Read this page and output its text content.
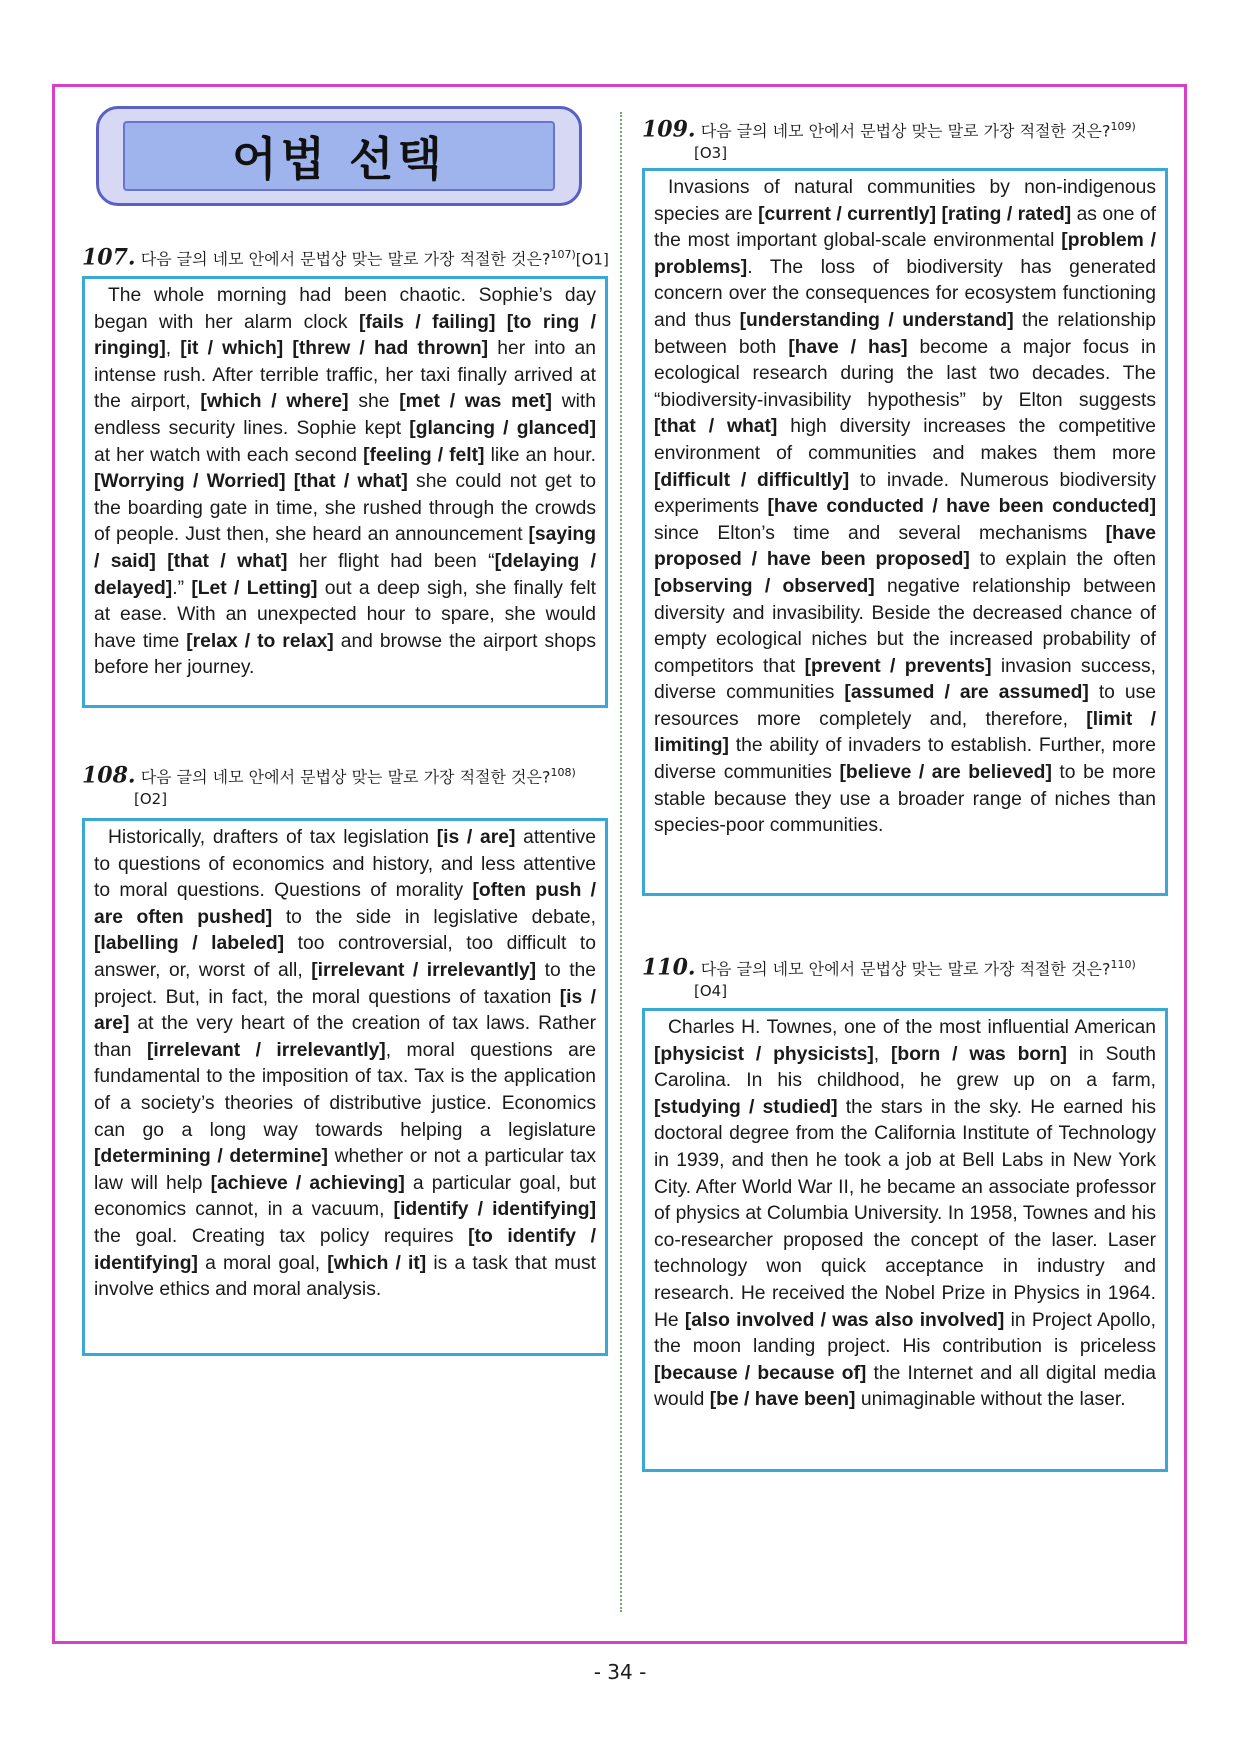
어법 선택
107. 다음 글의 네모 안에서 문법상 맞는 말로 가장 적절한 것은?$^{107)}$[O1]

The whole morning had been chaotic. Sophie’s day began with her alarm clock [fails / failing] [to ring / ringing], [it / which] [threw / had thrown] her into an intense rush. After terrible traffic, her taxi finally arrived at the airport, [which / where] she [met / was met] with endless security lines. Sophie kept [glancing / glanced] at her watch with each second [feeling / felt] like an hour. [Worrying / Worried] [that / what] she could not get to the boarding gate in time, she rushed through the crowds of people. Just then, she heard an announcement [saying / said] [that / what] her flight had been “[delaying / delayed].” [Let / Letting] out a deep sigh, she finally felt at ease. With an unexpected hour to spare, she would have time [relax / to relax] and browse the airport shops before her journey.

108. 다음 글의 네모 안에서 문법상 맞는 말로 가장 적절한 것은?$^{108)}$
[O2]

Historically, drafters of tax legislation [is / are] attentive to questions of economics and history, and less attentive to moral questions. Questions of morality [often push / are often pushed] to the side in legislative debate, [labelling / labeled] too controversial, too difficult to answer, or, worst of all, [irrelevant / irrelevantly] to the project. But, in fact, the moral questions of taxation [is / are] at the very heart of the creation of tax laws. Rather than [irrelevant / irrelevantly], moral questions are fundamental to the imposition of tax. Tax is the application of a society’s theories of distributive justice. Economics can go a long way towards helping a legislature [determining / determine] whether or not a particular tax law will help [achieve / achieving] a particular goal, but economics cannot, in a vacuum, [identify / identifying] the goal. Creating tax policy requires [to identify / identifying] a moral goal, [which / it] is a task that must involve ethics and moral analysis.

109. 다음 글의 네모 안에서 문법상 맞는 말로 가장 적절한 것은?$^{109)}$
[O3]

Invasions of natural communities by non-indigenous species are [current / currently] [rating / rated] as one of the most important global-scale environmental [problem / problems]. The loss of biodiversity has generated concern over the consequences for ecosystem functioning and thus [understanding / understand] the relationship between both [have / has] become a major focus in ecological research during the last two decades. The “biodiversity-invasibility hypothesis” by Elton suggests [that / what] high diversity increases the competitive environment of communities and makes them more [difficult / difficultly] to invade. Numerous biodiversity experiments [have conducted / have been conducted] since Elton’s time and several mechanisms [have proposed / have been proposed] to explain the often [observing / observed] negative relationship between diversity and invasibility. Beside the decreased chance of empty ecological niches but the increased probability of competitors that [prevent / prevents] invasion success, diverse communities [assumed / are assumed] to use resources more completely and, therefore, [limit / limiting] the ability of invaders to establish. Further, more diverse communities [believe / are believed] to be more stable because they use a broader range of niches than species-poor communities.

110. 다음 글의 네모 안에서 문법상 맞는 말로 가장 적절한 것은?$^{110)}$
[O4]

Charles H. Townes, one of the most influential American [physicist / physicists], [born / was born] in South Carolina. In his childhood, he grew up on a farm, [studying / studied] the stars in the sky. He earned his doctoral degree from the California Institute of Technology in 1939, and then he took a job at Bell Labs in New York City. After World War II, he became an associate professor of physics at Columbia University. In 1958, Townes and his co-researcher proposed the concept of the laser. Laser technology won quick acceptance in industry and research. He received the Nobel Prize in Physics in 1964. He [also involved / was also involved] in Project Apollo, the moon landing project. His contribution is priceless [because / because of] the Internet and all digital media would [be / have been] unimaginable without the laser.

- 34 -
